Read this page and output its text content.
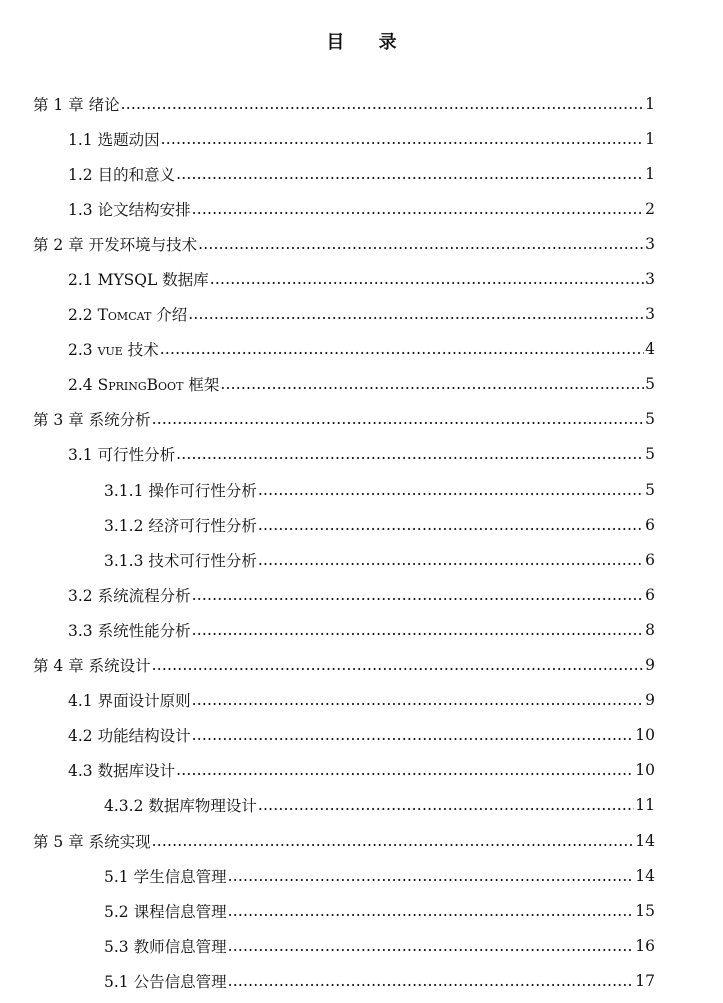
目 录
第 1 章 绪论 .....	1
1.1 选题动因 .....	1
1.2 目的和意义 .....	1
1.3 论文结构安排 .....	2
第 2 章 开发环境与技术 .....	3
2.1 MYSQL 数据库 .....	3
2.2 Tomcat 介绍 .....	3
2.3 vue 技术 .....	4
2.4 SpringBoot 框架 .....	5
第 3 章 系统分析 .....	5
3.1 可行性分析 .....	5
3.1.1 操作可行性分析 .....	5
3.1.2 经济可行性分析 .....	6
3.1.3 技术可行性分析 .....	6
3.2 系统流程分析 .....	6
3.3 系统性能分析 .....	8
第 4 章 系统设计 .....	9
4.1 界面设计原则 .....	9
4.2 功能结构设计 .....	10
4.3 数据库设计 .....	10
4.3.2 数据库物理设计 .....	11
第 5 章 系统实现 .....	14
5.1 学生信息管理 .....	14
5.2 课程信息管理 .....	15
5.3 教师信息管理 .....	16
5.1 公告信息管理 .....	17
